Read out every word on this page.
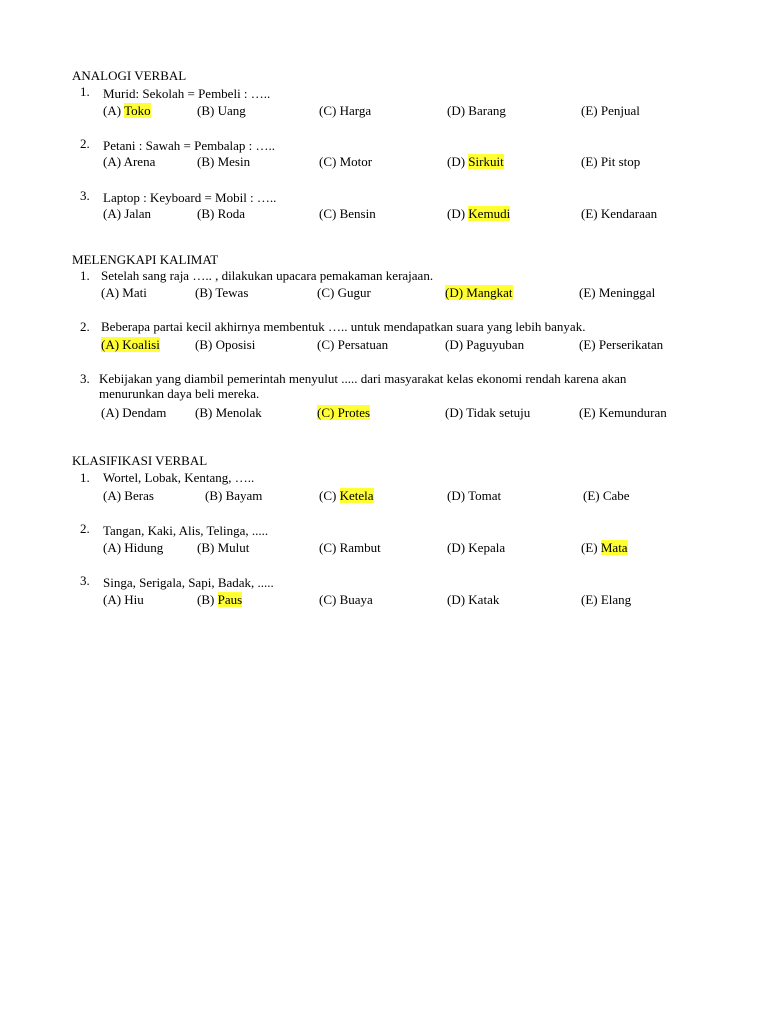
ANALOGI VERBAL
1. Murid: Sekolah = Pembeli : …..
(A) Toko	(B) Uang	(C) Harga	(D) Barang	(E) Penjual
2. Petani : Sawah = Pembalap : …..
(A) Arena	(B) Mesin	(C) Motor	(D) Sirkuit	(E) Pit stop
3. Laptop : Keyboard = Mobil : …..
(A) Jalan	(B) Roda	(C) Bensin	(D) Kemudi	(E) Kendaraan
MELENGKAPI KALIMAT
1. Setelah sang raja ….. , dilakukan upacara pemakaman kerajaan.
(A) Mati	(B) Tewas	(C) Gugur	(D) Mangkat	(E) Meninggal
2. Beberapa partai kecil akhirnya membentuk ….. untuk mendapatkan suara yang lebih banyak.
(A) Koalisi	(B) Oposisi	(C) Persatuan	(D) Paguyuban	(E) Perserikatan
3. Kebijakan yang diambil pemerintah menyulut ..... dari masyarakat kelas ekonomi rendah karena akan
menurunkan daya beli mereka.
(A) Dendam (B) Menolak	(C) Protes	(D) Tidak setuju	(E) Kemunduran
KLASIFIKASI VERBAL
1. Wortel, Lobak, Kentang, …..
(A) Beras	(B) Bayam	(C) Ketela	(D) Tomat	(E) Cabe
2. Tangan, Kaki, Alis, Telinga, .....
(A) Hidung	(B) Mulut	(C) Rambut	(D) Kepala	(E) Mata
3. Singa, Serigala, Sapi, Badak, .....
(A) Hiu	(B) Paus	(C) Buaya	(D) Katak	(E) Elang
